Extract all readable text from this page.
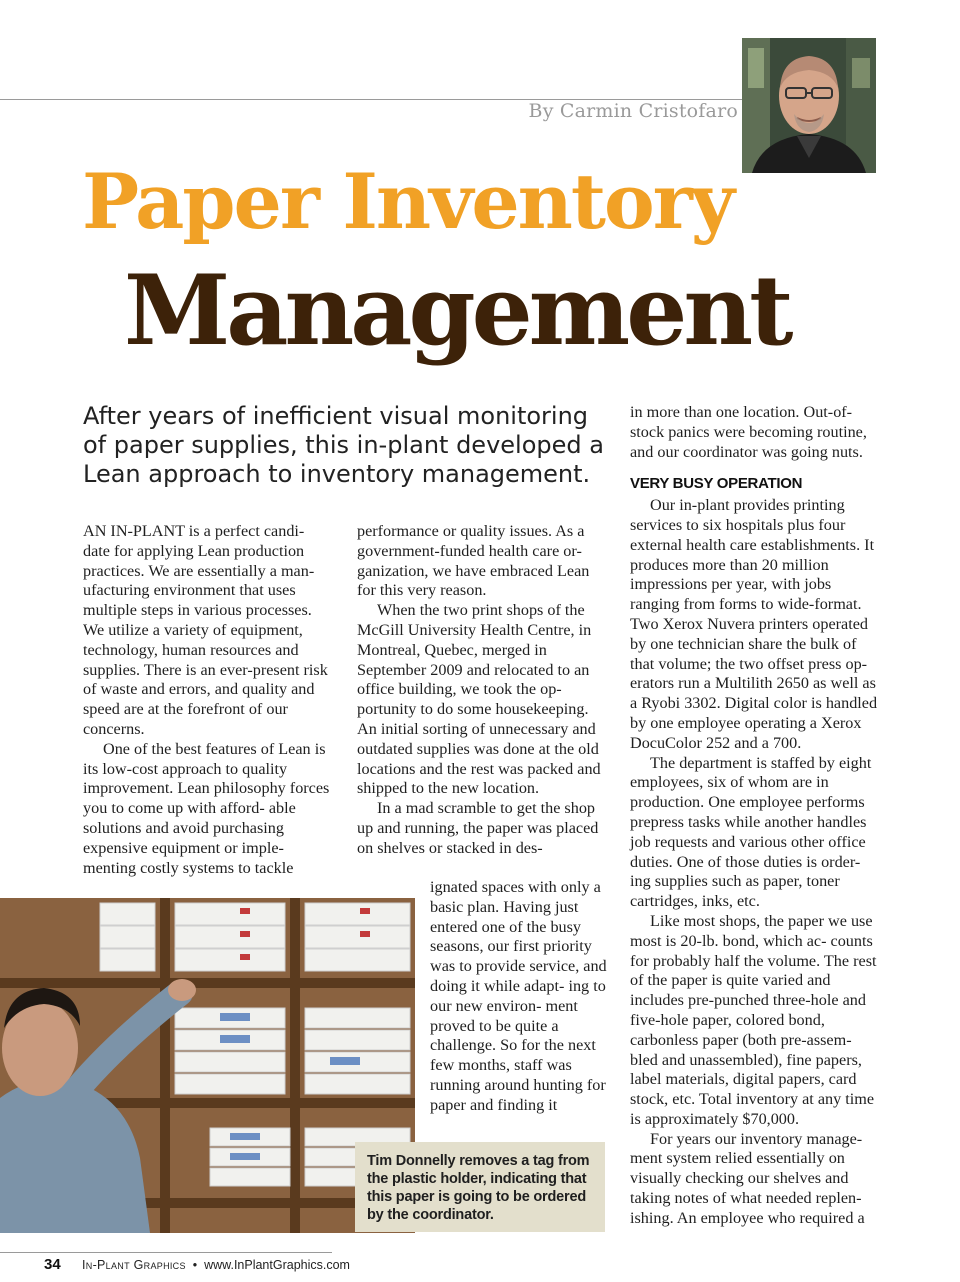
By Carmin Cristofaro
Paper Inventory
Management
After years of inefficient visual monitoring of paper supplies, this in-plant developed a Lean approach to inventory management.

AN IN-PLANT is a perfect candi- date for applying Lean production practices. We are essentially a man- ufacturing environment that uses multiple steps in various processes. We utilize a variety of equipment, technology, human resources and supplies. There is an ever-present risk of waste and errors, and quality and speed are at the forefront of our concerns.

One of the best features of Lean is its low-cost approach to quality improvement. Lean philosophy forces you to come up with afford- able solutions and avoid purchasing expensive equipment or imple- menting costly systems to tackle

performance or quality issues. As a government-funded health care or- ganization, we have embraced Lean for this very reason.

When the two print shops of the McGill University Health Centre, in Montreal, Quebec, merged in September 2009 and relocated to an office building, we took the op- portunity to do some housekeeping. An initial sorting of unnecessary and outdated supplies was done at the old locations and the rest was packed and shipped to the new location.

In a mad scramble to get the shop up and running, the paper was placed on shelves or stacked in des-

ignated spaces with only a basic plan. Having just entered one of the busy seasons, our first priority was to provide service, and doing it while adapt- ing to our new environ- ment proved to be quite a challenge. So for the next few months, staff was running around hunting for paper and finding it

in more than one location. Out-of- stock panics were becoming routine, and our coordinator was going nuts.

VERY BUSY OPERATION

Our in-plant provides printing services to six hospitals plus four external health care establishments. It produces more than 20 million impressions per year, with jobs ranging from forms to wide-format. Two Xerox Nuvera printers operated by one technician share the bulk of that volume; the two offset press op- erators run a Multilith 2650 as well as a Ryobi 3302. Digital color is handled by one employee operating a Xerox DocuColor 252 and a 700.

The department is staffed by eight employees, six of whom are in production. One employee performs prepress tasks while another handles job requests and various other office duties. One of those duties is order- ing supplies such as paper, toner cartridges, inks, etc.

Like most shops, the paper we use most is 20-lb. bond, which ac- counts for probably half the volume. The rest of the paper is quite varied and includes pre-punched three-hole and five-hole paper, colored bond, carbonless paper (both pre-assem- bled and unassembled), fine papers, label materials, digital papers, card stock, etc. Total inventory at any time is approximately $70,000.

For years our inventory manage- ment system relied essentially on visually checking our shelves and taking notes of what needed replen- ishing. An employee who required a

Tim Donnelly removes a tag from the plastic holder, indicating that this paper is going to be ordered by the coordinator.
34 In-Plant Graphics • www.InPlantGraphics.com
